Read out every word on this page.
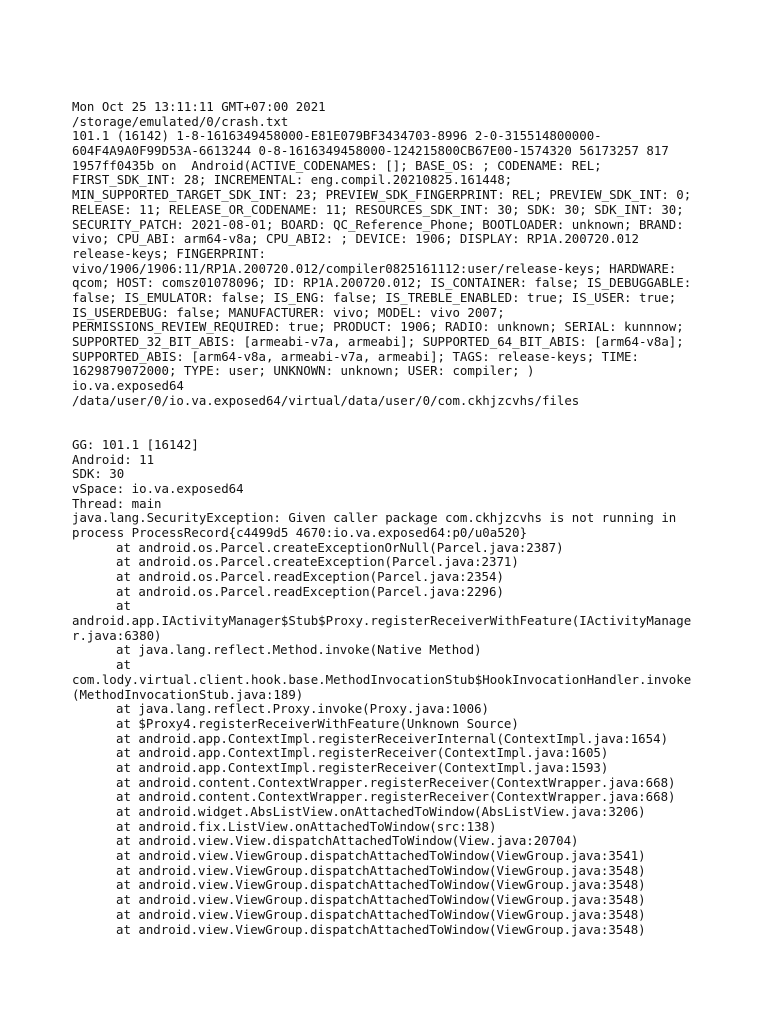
Mon Oct 25 13:11:11 GMT+07:00 2021
/storage/emulated/0/crash.txt
101.1 (16142) 1-8-1616349458000-E81E079BF3434703-8996 2-0-315514800000-
604F4A9A0F99D53A-6613244 0-8-1616349458000-124215800CB67E00-1574320 56173257 817
1957ff0435b on  Android(ACTIVE_CODENAMES: []; BASE_OS: ; CODENAME: REL;
FIRST_SDK_INT: 28; INCREMENTAL: eng.compil.20210825.161448;
MIN_SUPPORTED_TARGET_SDK_INT: 23; PREVIEW_SDK_FINGERPRINT: REL; PREVIEW_SDK_INT: 0;
RELEASE: 11; RELEASE_OR_CODENAME: 11; RESOURCES_SDK_INT: 30; SDK: 30; SDK_INT: 30;
SECURITY_PATCH: 2021-08-01; BOARD: QC_Reference_Phone; BOOTLOADER: unknown; BRAND:
vivo; CPU_ABI: arm64-v8a; CPU_ABI2: ; DEVICE: 1906; DISPLAY: RP1A.200720.012
release-keys; FINGERPRINT:
vivo/1906/1906:11/RP1A.200720.012/compiler0825161112:user/release-keys; HARDWARE:
qcom; HOST: comsz01078096; ID: RP1A.200720.012; IS_CONTAINER: false; IS_DEBUGGABLE:
false; IS_EMULATOR: false; IS_ENG: false; IS_TREBLE_ENABLED: true; IS_USER: true;
IS_USERDEBUG: false; MANUFACTURER: vivo; MODEL: vivo 2007;
PERMISSIONS_REVIEW_REQUIRED: true; PRODUCT: 1906; RADIO: unknown; SERIAL: kunnnow;
SUPPORTED_32_BIT_ABIS: [armeabi-v7a, armeabi]; SUPPORTED_64_BIT_ABIS: [arm64-v8a];
SUPPORTED_ABIS: [arm64-v8a, armeabi-v7a, armeabi]; TAGS: release-keys; TIME:
1629879072000; TYPE: user; UNKNOWN: unknown; USER: compiler; )
io.va.exposed64
/data/user/0/io.va.exposed64/virtual/data/user/0/com.ckhjzcvhs/files
GG: 101.1 [16142]
Android: 11
SDK: 30
vSpace: io.va.exposed64
Thread: main
java.lang.SecurityException: Given caller package com.ckhjzcvhs is not running in
process ProcessRecord{c4499d5 4670:io.va.exposed64:p0/u0a520}
at android.os.Parcel.createExceptionOrNull(Parcel.java:2387)
at android.os.Parcel.createException(Parcel.java:2371)
at android.os.Parcel.readException(Parcel.java:2354)
at android.os.Parcel.readException(Parcel.java:2296)
at
android.app.IActivityManager$Stub$Proxy.registerReceiverWithFeature(IActivityManage
r.java:6380)
at java.lang.reflect.Method.invoke(Native Method)
at
com.lody.virtual.client.hook.base.MethodInvocationStub$HookInvocationHandler.invoke
(MethodInvocationStub.java:189)
at java.lang.reflect.Proxy.invoke(Proxy.java:1006)
at $Proxy4.registerReceiverWithFeature(Unknown Source)
at android.app.ContextImpl.registerReceiverInternal(ContextImpl.java:1654)
at android.app.ContextImpl.registerReceiver(ContextImpl.java:1605)
at android.app.ContextImpl.registerReceiver(ContextImpl.java:1593)
at android.content.ContextWrapper.registerReceiver(ContextWrapper.java:668)
at android.content.ContextWrapper.registerReceiver(ContextWrapper.java:668)
at android.widget.AbsListView.onAttachedToWindow(AbsListView.java:3206)
at android.fix.ListView.onAttachedToWindow(src:138)
at android.view.View.dispatchAttachedToWindow(View.java:20704)
at android.view.ViewGroup.dispatchAttachedToWindow(ViewGroup.java:3541)
at android.view.ViewGroup.dispatchAttachedToWindow(ViewGroup.java:3548)
at android.view.ViewGroup.dispatchAttachedToWindow(ViewGroup.java:3548)
at android.view.ViewGroup.dispatchAttachedToWindow(ViewGroup.java:3548)
at android.view.ViewGroup.dispatchAttachedToWindow(ViewGroup.java:3548)
at android.view.ViewGroup.dispatchAttachedToWindow(ViewGroup.java:3548)
